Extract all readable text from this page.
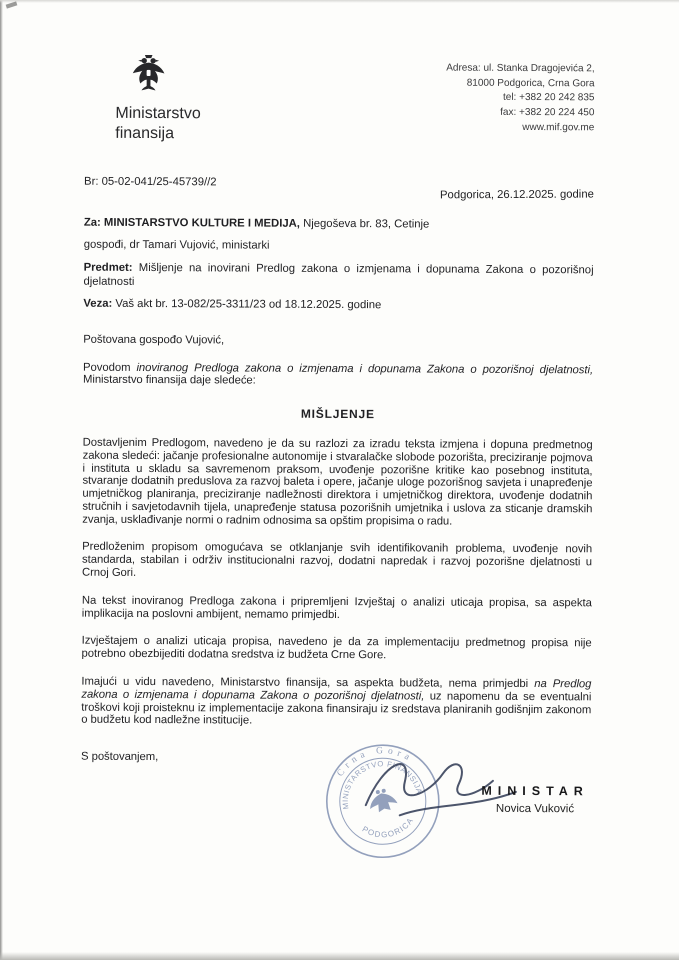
Ministarstvo
finansija
Adresa: ul. Stanka Dragojevića 2,
81000 Podgorica, Crna Gora
tel: +382 20 242 835
fax: +382 20 224 450
www.mif.gov.me
Br: 05-02-041/25-45739//2
Podgorica, 26.12.2025. godine

Za: MINISTARSTVO KULTURE I MEDIJA, Njegoševa br. 83, Cetinje

gospođi, dr Tamari Vujović, ministarki

Predmet: Mišljenje na inovirani Predlog zakona o izmjenama i dopunama Zakona o pozorišnoj djelatnosti

Veza: Vaš akt br. 13-082/25-3311/23 od 18.12.2025. godine

Poštovana gospođo Vujović,

Povodom inoviranog Predloga zakona o izmjenama i dopunama Zakona o pozorišnoj djelatnosti, Ministarstvo finansija daje sledeće:

MIŠLJENJE

Dostavljenim Predlogom, navedeno je da su razlozi za izradu teksta izmjena i dopuna predmetnog zakona sledeći: jačanje profesionalne autonomije i stvaralačke slobode pozorišta, preciziranje pojmova i instituta u skladu sa savremenom praksom, uvođenje pozorišne kritike kao posebnog instituta, stvaranje dodatnih preduslova za razvoj baleta i opere, jačanje uloge pozorišnog savjeta i unapređenje umjetničkog planiranja, preciziranje nadležnosti direktora i umjetničkog direktora, uvođenje dodatnih stručnih i savjetodavnih tijela, unapređenje statusa pozorišnih umjetnika i uslova za sticanje dramskih zvanja, usklađivanje normi o radnim odnosima sa opštim propisima o radu.

Predloženim propisom omogućava se otklanjanje svih identifikovanih problema, uvođenje novih standarda, stabilan i održiv institucionalni razvoj, dodatni napredak i razvoj pozorišne djelatnosti u Crnoj Gori.

Na tekst inoviranog Predloga zakona i pripremljeni Izvještaj o analizi uticaja propisa, sa aspekta implikacija na poslovni ambijent, nemamo primjedbi.

Izvještajem o analizi uticaja propisa, navedeno je da za implementaciju predmetnog propisa nije potrebno obezbijediti dodatna sredstva iz budžeta Crne Gore.

Imajući u vidu navedeno, Ministarstvo finansija, sa aspekta budžeta, nema primjedbi na Predlog zakona o izmjenama i dopunama Zakona o pozorišnoj djelatnosti, uz napomenu da se eventualni troškovi koji proisteknu iz implementacije zakona finansiraju iz sredstava planiranih godišnjim zakonom o budžetu kod nadležne institucije.

S poštovanjem,

Crna Gora
MINISTARSTVO FINANSIJA
PODGORICA
MINISTAR
Novica Vuković
